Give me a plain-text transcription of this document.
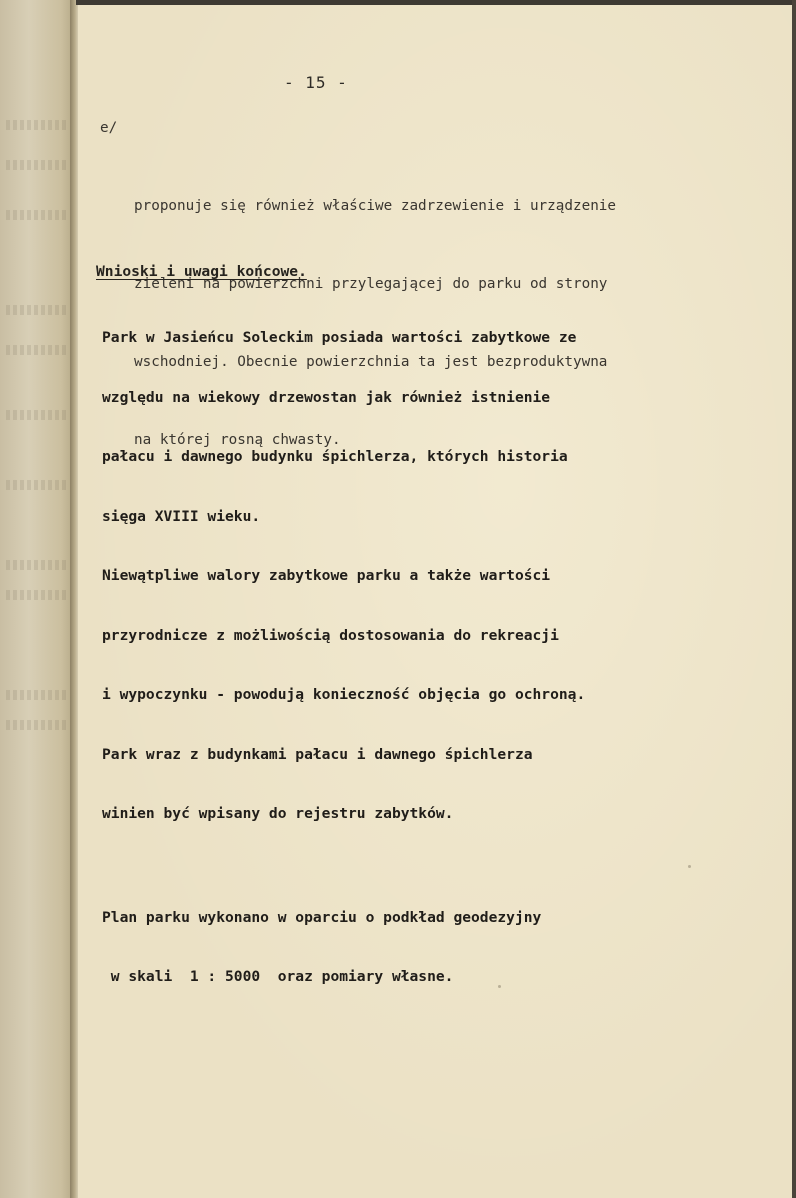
- 15 -

e/

proponuje się również właściwe zadrzewienie i urządzenie

zieleni na powierzchni przylegającej do parku od strony

wschodniej. Obecnie powierzchnia ta jest bezproduktywna

na której rosną chwasty.

Wnioski i uwagi końcowe.

Park w Jasieńcu Soleckim posiada wartości zabytkowe ze

względu na wiekowy drzewostan jak również istnienie

pałacu i dawnego budynku śpichlerza, których historia

sięga XVIII wieku.

Niewątpliwe walory zabytkowe parku a także wartości

przyrodnicze z możliwością dostosowania do rekreacji

i wypoczynku - powodują konieczność objęcia go ochroną.

Park wraz z budynkami pałacu i dawnego śpichlerza

winien być wpisany do rejestru zabytków.

Plan parku wykonano w oparciu o podkład geodezyjny

w skali  1 : 5000  oraz pomiary własne.
